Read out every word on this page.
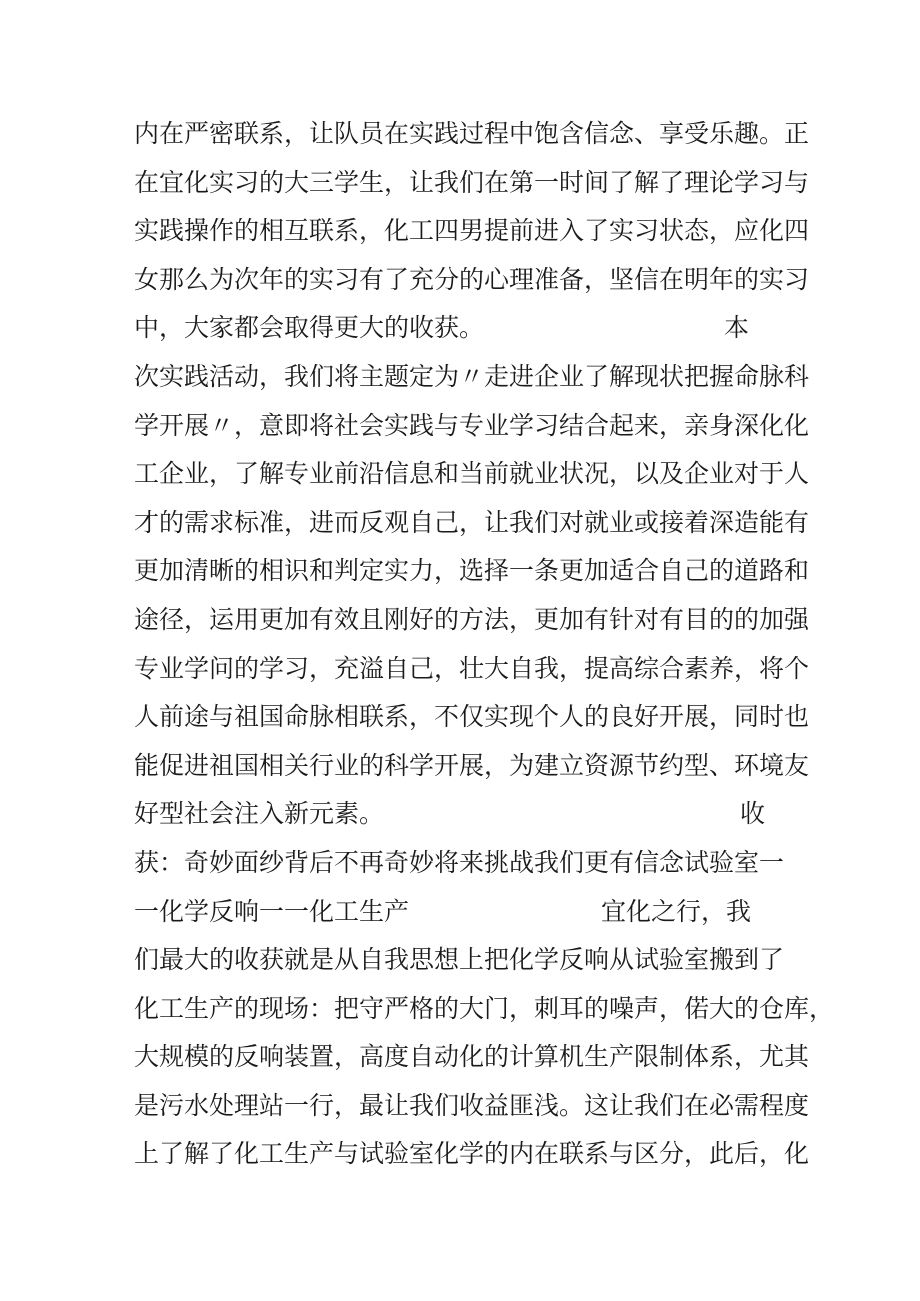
内在严密联系，让队员在实践过程中饱含信念、享受乐趣。正
在宜化实习的大三学生，让我们在第一时间了解了理论学习与
实践操作的相互联系，化工四男提前进入了实习状态，应化四
女那么为次年的实习有了充分的心理准备，坚信在明年的实习
中，大家都会取得更大的收获。	本
次实践活动，我们将主题定为〃走进企业了解现状把握命脉科
学开展〃，意即将社会实践与专业学习结合起来，亲身深化化
工企业，了解专业前沿信息和当前就业状况，以及企业对于人
才的需求标准，进而反观自己，让我们对就业或接着深造能有
更加清晰的相识和判定实力，选择一条更加适合自己的道路和
途径，运用更加有效且刚好的方法，更加有针对有目的的加强
专业学问的学习，充溢自己，壮大自我，提高综合素养，将个
人前途与祖国命脉相联系，不仅实现个人的良好开展，同时也
能促进祖国相关行业的科学开展，为建立资源节约型、环境友
好型社会注入新元素。	收
获：奇妙面纱背后不再奇妙将来挑战我们更有信念试验室一
一化学反响一一化工生产	宜化之行，我
们最大的收获就是从自我思想上把化学反响从试验室搬到了
化工生产的现场：把守严格的大门，刺耳的噪声，偌大的仓库，
大规模的反响装置，高度自动化的计算机生产限制体系，尤其
是污水处理站一行，最让我们收益匪浅。这让我们在必需程度
上了解了化工生产与试验室化学的内在联系与区分，此后，化
